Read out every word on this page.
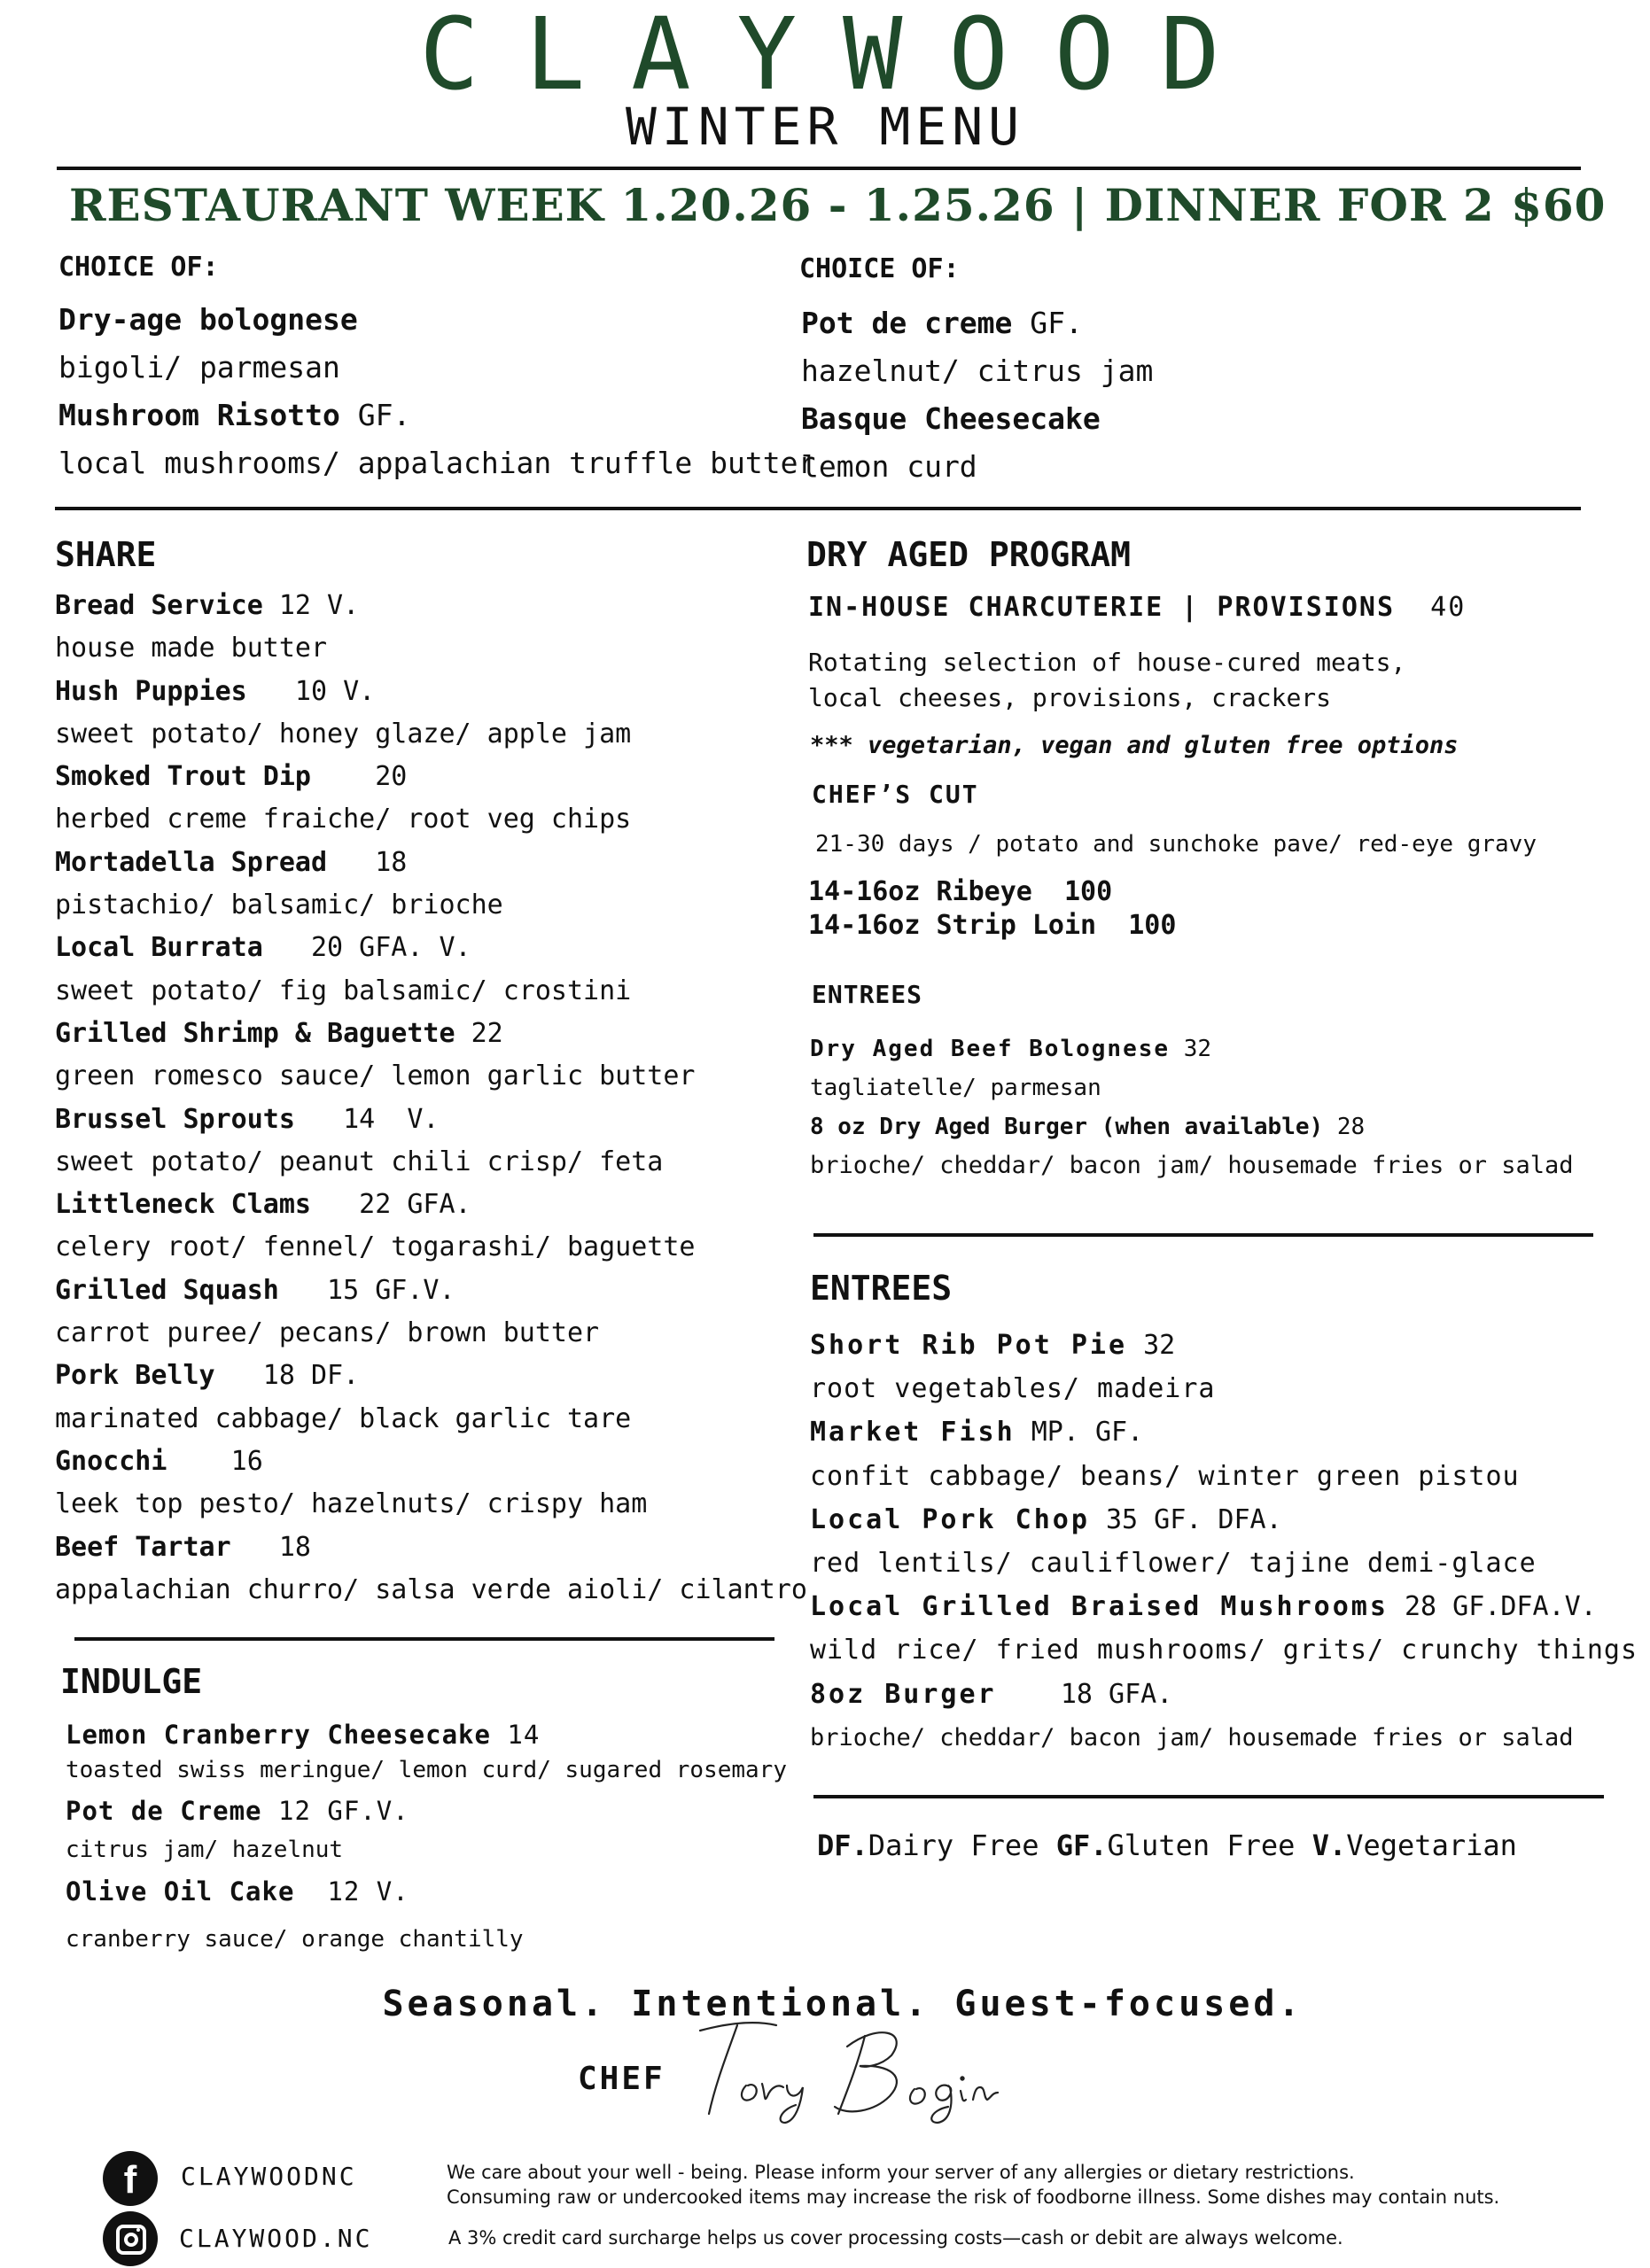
CLAYWOOD
WINTER MENU
RESTAURANT WEEK 1.20.26 - 1.25.26 | DINNER FOR 2 $60
CHOICE OF:
Dry-age bolognese
bigoli/ parmesan
Mushroom Risotto GF.
local mushrooms/ appalachian truffle butter
CHOICE OF:
Pot de creme GF.
hazelnut/ citrus jam
Basque Cheesecake
lemon curd
SHARE
Bread Service 12 V.
house made butter
Hush Puppies   10 V.
sweet potato/ honey glaze/ apple jam
Smoked Trout Dip    20
herbed creme fraiche/ root veg chips
Mortadella Spread   18
pistachio/ balsamic/ brioche
Local Burrata   20 GFA. V.
sweet potato/ fig balsamic/ crostini
Grilled Shrimp & Baguette 22
green romesco sauce/ lemon garlic butter
Brussel Sprouts   14  V.
sweet potato/ peanut chili crisp/ feta
Littleneck Clams   22 GFA.
celery root/ fennel/ togarashi/ baguette
Grilled Squash   15 GF.V.
carrot puree/ pecans/ brown butter
Pork Belly   18 DF.
marinated cabbage/ black garlic tare
Gnocchi    16
leek top pesto/ hazelnuts/ crispy ham
Beef Tartar   18
appalachian churro/ salsa verde aioli/ cilantro
INDULGE
Lemon Cranberry Cheesecake 14
toasted swiss meringue/ lemon curd/ sugared rosemary
Pot de Creme 12 GF.V.
citrus jam/ hazelnut
Olive Oil Cake  12 V.
cranberry sauce/ orange chantilly
DRY AGED PROGRAM
IN-HOUSE CHARCUTERIE | PROVISIONS 40
Rotating selection of house-cured meats,
local cheeses, provisions, crackers
*** vegetarian, vegan and gluten free options
CHEF’S CUT
21-30 days / potato and sunchoke pave/ red-eye gravy
14-16oz Ribeye 100
14-16oz Strip Loin 100
ENTREES
Dry Aged Beef Bolognese 32
tagliatelle/ parmesan
8 oz Dry Aged Burger (when available) 28
brioche/ cheddar/ bacon jam/ housemade fries or salad
ENTREES
Short Rib Pot Pie 32
root vegetables/ madeira
Market Fish MP. GF.
confit cabbage/ beans/ winter green pistou
Local Pork Chop 35 GF. DFA.
red lentils/ cauliflower/ tajine demi-glace
Local Grilled Braised Mushrooms 28 GF.DFA.V.
wild rice/ fried mushrooms/ grits/ crunchy things
8oz Burger    18 GFA.
brioche/ cheddar/ bacon jam/ housemade fries or salad
DF.Dairy Free GF.Gluten Free V.Vegetarian
Seasonal. Intentional. Guest-focused.
CHEF
f	CLAYWOODNC
CLAYWOOD.NC
We care about your well - being. Please inform your server of any allergies or dietary restrictions.
Consuming raw or undercooked items may increase the risk of foodborne illness. Some dishes may contain nuts.
A 3% credit card surcharge helps us cover processing costs—cash or debit are always welcome.
